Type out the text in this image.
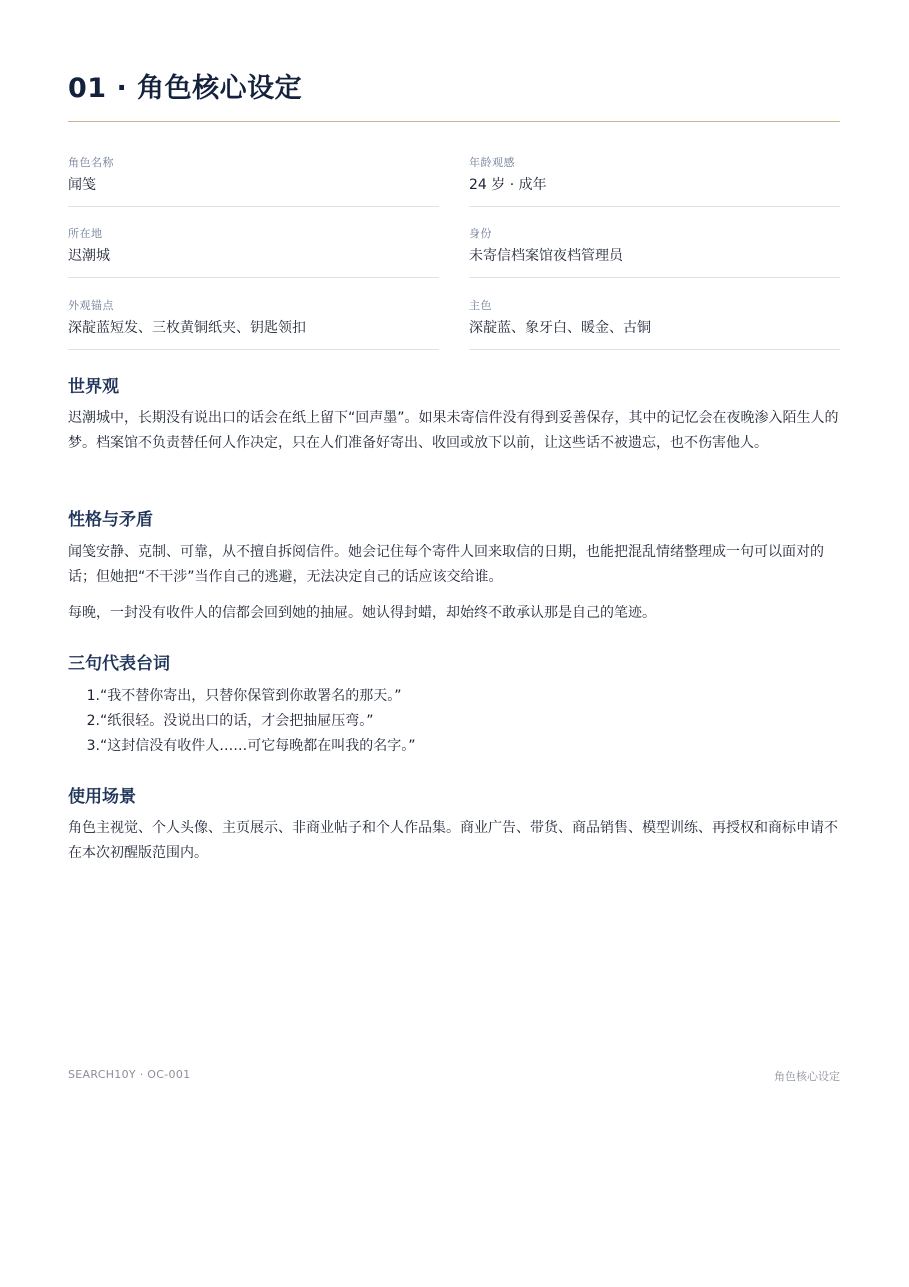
01 · 角色核心设定
角色名称
闻笺
年龄观感
24 岁 · 成年
所在地
迟潮城
身份
未寄信档案馆夜档管理员
外观锚点
深靛蓝短发、三枚黄铜纸夹、钥匙领扣
主色
深靛蓝、象牙白、暖金、古铜
世界观

迟潮城中，长期没有说出口的话会在纸上留下“回声墨”。如果未寄信件没有得到妥善保存，其中的记忆会在夜晚渗入陌生人的梦。档案馆不负责替任何人作决定，只在人们准备好寄出、收回或放下以前，让这些话不被遗忘，也不伤害他人。

性格与矛盾

闻笺安静、克制、可靠，从不擅自拆阅信件。她会记住每个寄件人回来取信的日期，也能把混乱情绪整理成一句可以面对的话；但她把“不干涉”当作自己的逃避，无法决定自己的话应该交给谁。

每晚，一封没有收件人的信都会回到她的抽屉。她认得封蜡，却始终不敢承认那是自己的笔迹。

三句代表台词
1.“我不替你寄出，只替你保管到你敢署名的那天。”
2.“纸很轻。没说出口的话，才会把抽屉压弯。”
3.“这封信没有收件人……可它每晚都在叫我的名字。”
使用场景

角色主视觉、个人头像、主页展示、非商业帖子和个人作品集。商业广告、带货、商品销售、模型训练、再授权和商标申请不在本次初醒版范围内。

SEARCH10Y · OC-001	角色核心设定
